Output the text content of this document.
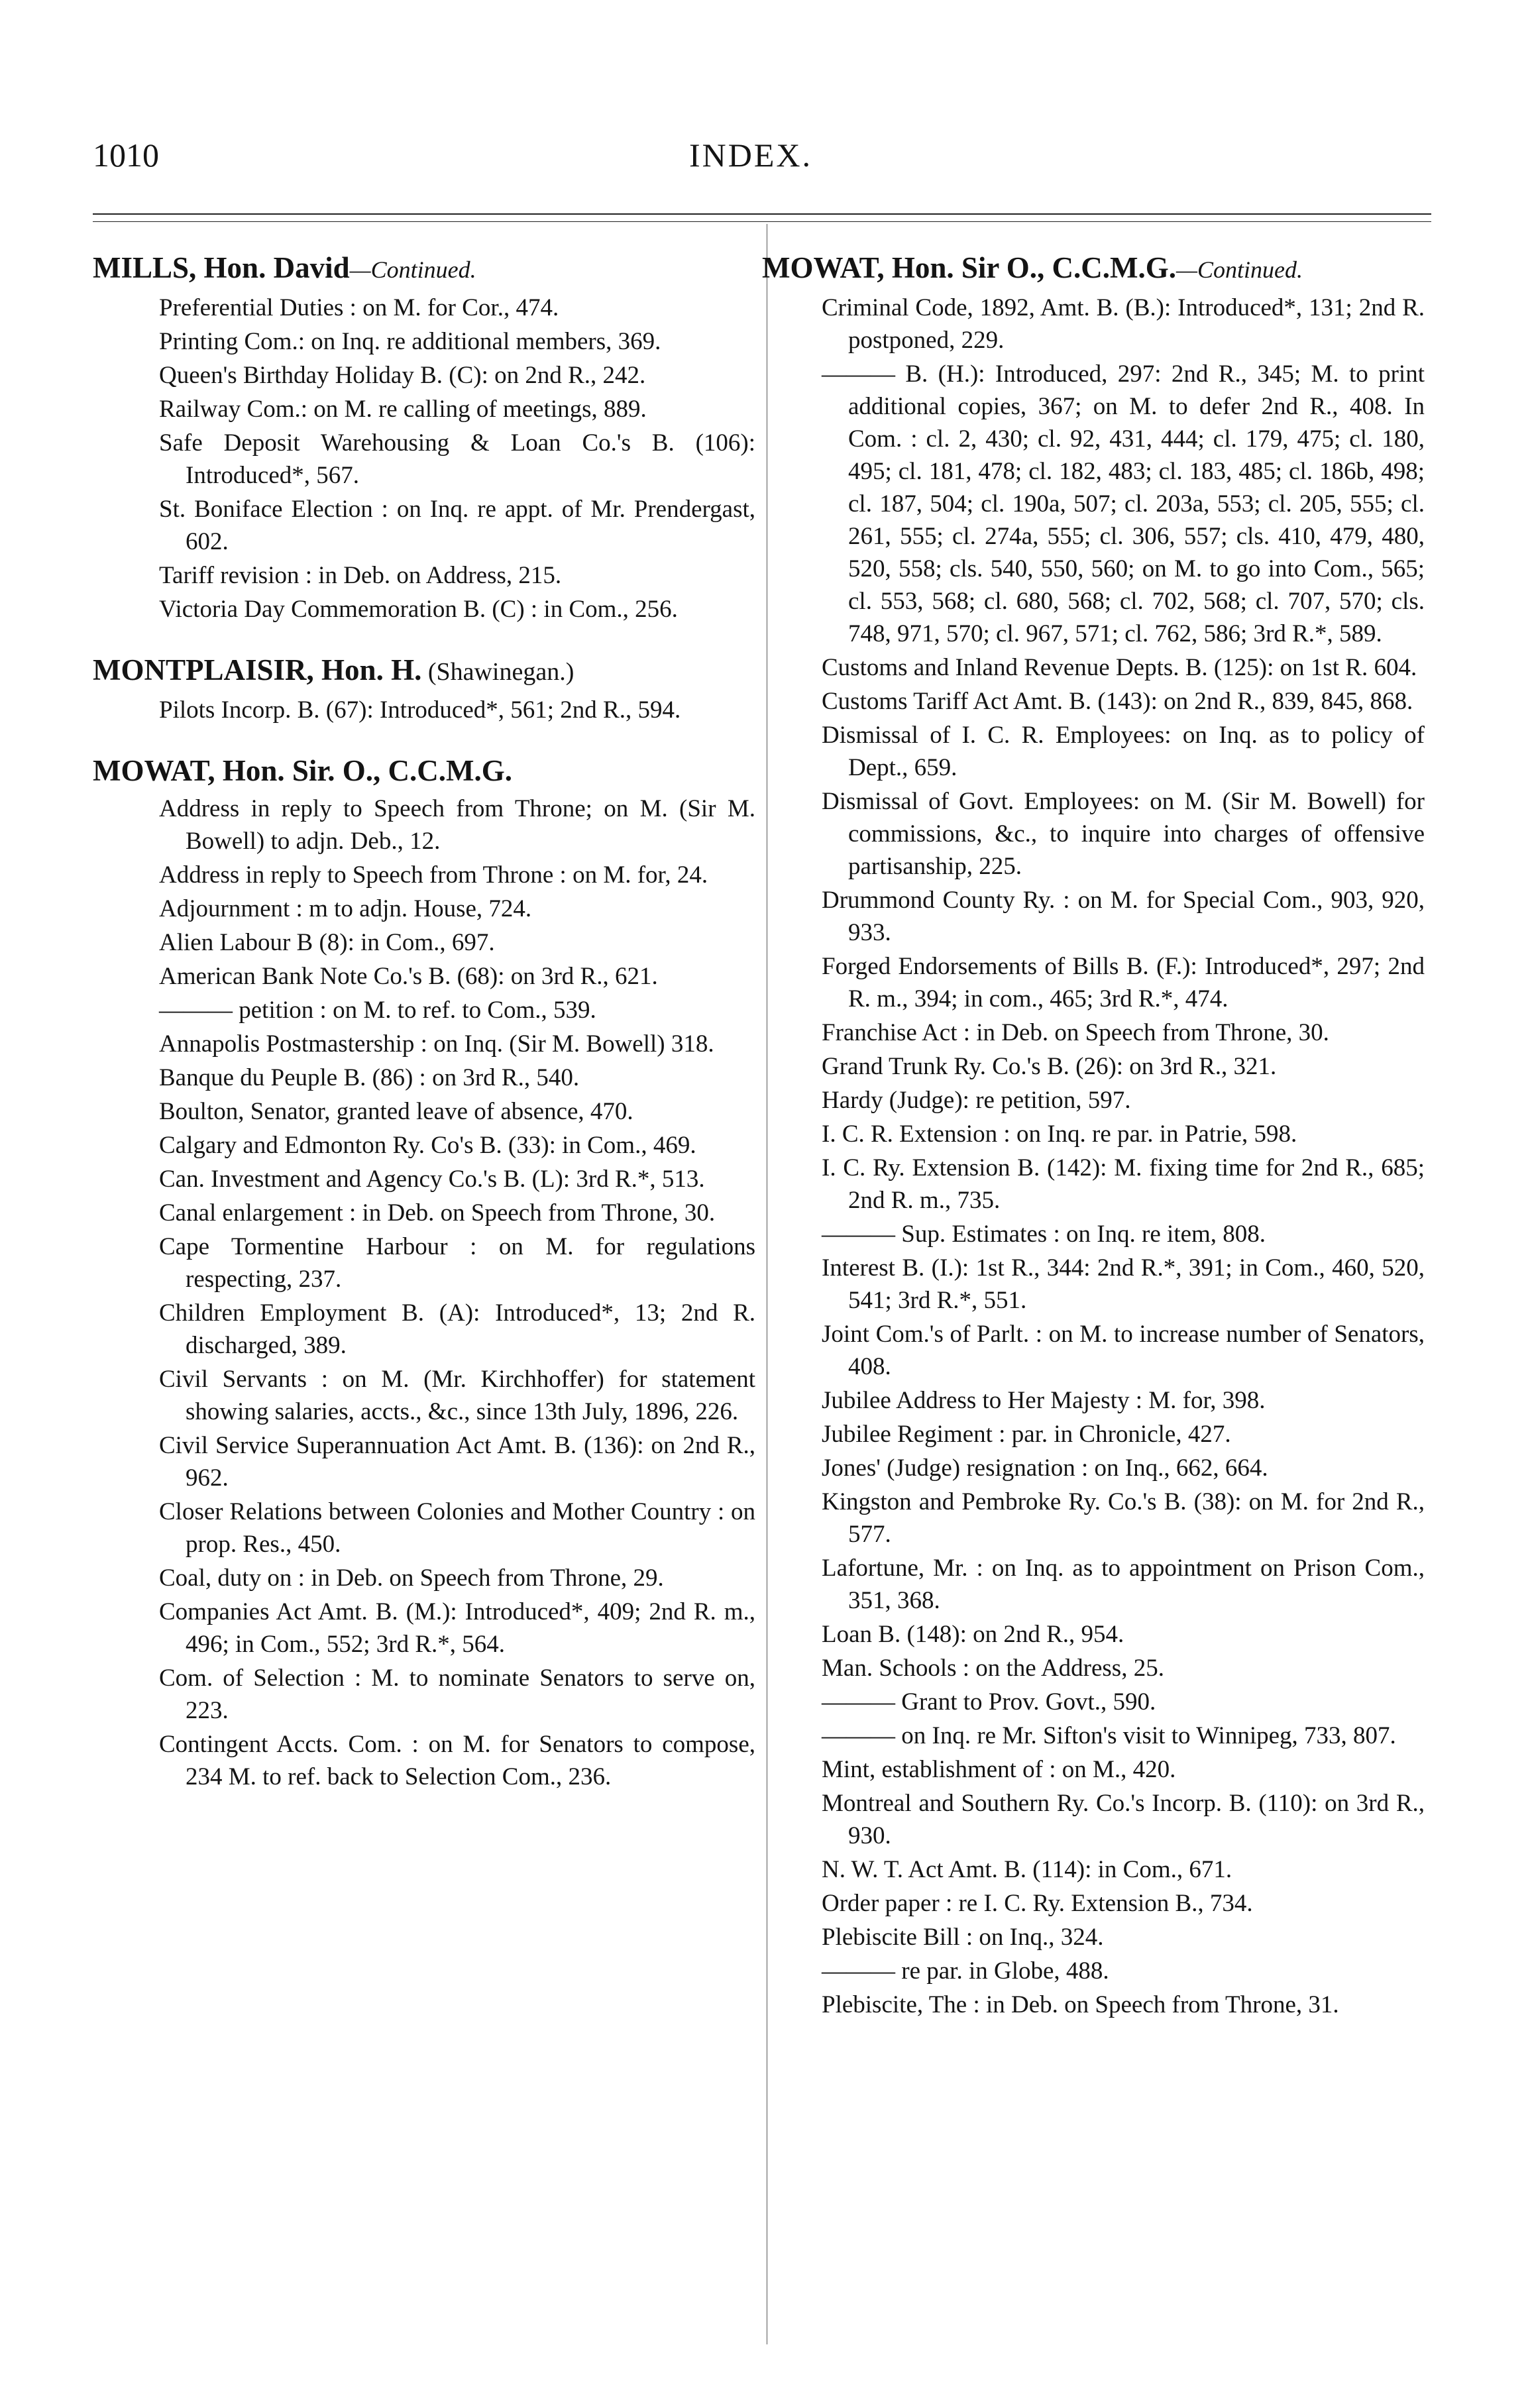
1010	INDEX.
MILLS, Hon. David—Continued.

Preferential Duties : on M. for Cor., 474.

Printing Com.: on Inq. re additional members, 369.

Queen's Birthday Holiday B. (C): on 2nd R., 242.

Railway Com.: on M. re calling of meetings, 889.

Safe Deposit Warehousing & Loan Co.'s B. (106): Introduced*, 567.

St. Boniface Election : on Inq. re appt. of Mr. Prendergast, 602.

Tariff revision : in Deb. on Address, 215.

Victoria Day Commemoration B. (C) : in Com., 256.

MONTPLAISIR, Hon. H. (Shawinegan.)

Pilots Incorp. B. (67): Introduced*, 561; 2nd R., 594.

MOWAT, Hon. Sir. O., C.C.M.G.

Address in reply to Speech from Throne; on M. (Sir M. Bowell) to adjn. Deb., 12.

Address in reply to Speech from Throne : on M. for, 24.

Adjournment : m to adjn. House, 724.

Alien Labour B (8): in Com., 697.

American Bank Note Co.'s B. (68): on 3rd R., 621.

——— petition : on M. to ref. to Com., 539.

Annapolis Postmastership : on Inq. (Sir M. Bowell) 318.

Banque du Peuple B. (86) : on 3rd R., 540.

Boulton, Senator, granted leave of absence, 470.

Calgary and Edmonton Ry. Co's B. (33): in Com., 469.

Can. Investment and Agency Co.'s B. (L): 3rd R.*, 513.

Canal enlargement : in Deb. on Speech from Throne, 30.

Cape Tormentine Harbour : on M. for regulations respecting, 237.

Children Employment B. (A): Introduced*, 13; 2nd R. discharged, 389.

Civil Servants : on M. (Mr. Kirchhoffer) for statement showing salaries, accts., &c., since 13th July, 1896, 226.

Civil Service Superannuation Act Amt. B. (136): on 2nd R., 962.

Closer Relations between Colonies and Mother Country : on prop. Res., 450.

Coal, duty on : in Deb. on Speech from Throne, 29.

Companies Act Amt. B. (M.): Introduced*, 409; 2nd R. m., 496; in Com., 552; 3rd R.*, 564.

Com. of Selection : M. to nominate Senators to serve on, 223.

Contingent Accts. Com. : on M. for Senators to compose, 234 M. to ref. back to Selection Com., 236.

MOWAT, Hon. Sir O., C.C.M.G.—Continued.

Criminal Code, 1892, Amt. B. (B.): Introduced*, 131; 2nd R. postponed, 229.

——— B. (H.): Introduced, 297: 2nd R., 345; M. to print additional copies, 367; on M. to defer 2nd R., 408. In Com. : cl. 2, 430; cl. 92, 431, 444; cl. 179, 475; cl. 180, 495; cl. 181, 478; cl. 182, 483; cl. 183, 485; cl. 186b, 498; cl. 187, 504; cl. 190a, 507; cl. 203a, 553; cl. 205, 555; cl. 261, 555; cl. 274a, 555; cl. 306, 557; cls. 410, 479, 480, 520, 558; cls. 540, 550, 560; on M. to go into Com., 565; cl. 553, 568; cl. 680, 568; cl. 702, 568; cl. 707, 570; cls. 748, 971, 570; cl. 967, 571; cl. 762, 586; 3rd R.*, 589.

Customs and Inland Revenue Depts. B. (125): on 1st R. 604.

Customs Tariff Act Amt. B. (143): on 2nd R., 839, 845, 868.

Dismissal of I. C. R. Employees: on Inq. as to policy of Dept., 659.

Dismissal of Govt. Employees: on M. (Sir M. Bowell) for commissions, &c., to inquire into charges of offensive partisanship, 225.

Drummond County Ry. : on M. for Special Com., 903, 920, 933.

Forged Endorsements of Bills B. (F.): Introduced*, 297; 2nd R. m., 394; in com., 465; 3rd R.*, 474.

Franchise Act : in Deb. on Speech from Throne, 30.

Grand Trunk Ry. Co.'s B. (26): on 3rd R., 321.

Hardy (Judge): re petition, 597.

I. C. R. Extension : on Inq. re par. in Patrie, 598.

I. C. Ry. Extension B. (142): M. fixing time for 2nd R., 685; 2nd R. m., 735.

——— Sup. Estimates : on Inq. re item, 808.

Interest B. (I.): 1st R., 344: 2nd R.*, 391; in Com., 460, 520, 541; 3rd R.*, 551.

Joint Com.'s of Parlt. : on M. to increase number of Senators, 408.

Jubilee Address to Her Majesty : M. for, 398.

Jubilee Regiment : par. in Chronicle, 427.

Jones' (Judge) resignation : on Inq., 662, 664.

Kingston and Pembroke Ry. Co.'s B. (38): on M. for 2nd R., 577.

Lafortune, Mr. : on Inq. as to appointment on Prison Com., 351, 368.

Loan B. (148): on 2nd R., 954.

Man. Schools : on the Address, 25.

——— Grant to Prov. Govt., 590.

——— on Inq. re Mr. Sifton's visit to Winnipeg, 733, 807.

Mint, establishment of : on M., 420.

Montreal and Southern Ry. Co.'s Incorp. B. (110): on 3rd R., 930.

N. W. T. Act Amt. B. (114): in Com., 671.

Order paper : re I. C. Ry. Extension B., 734.

Plebiscite Bill : on Inq., 324.

——— re par. in Globe, 488.

Plebiscite, The : in Deb. on Speech from Throne, 31.
